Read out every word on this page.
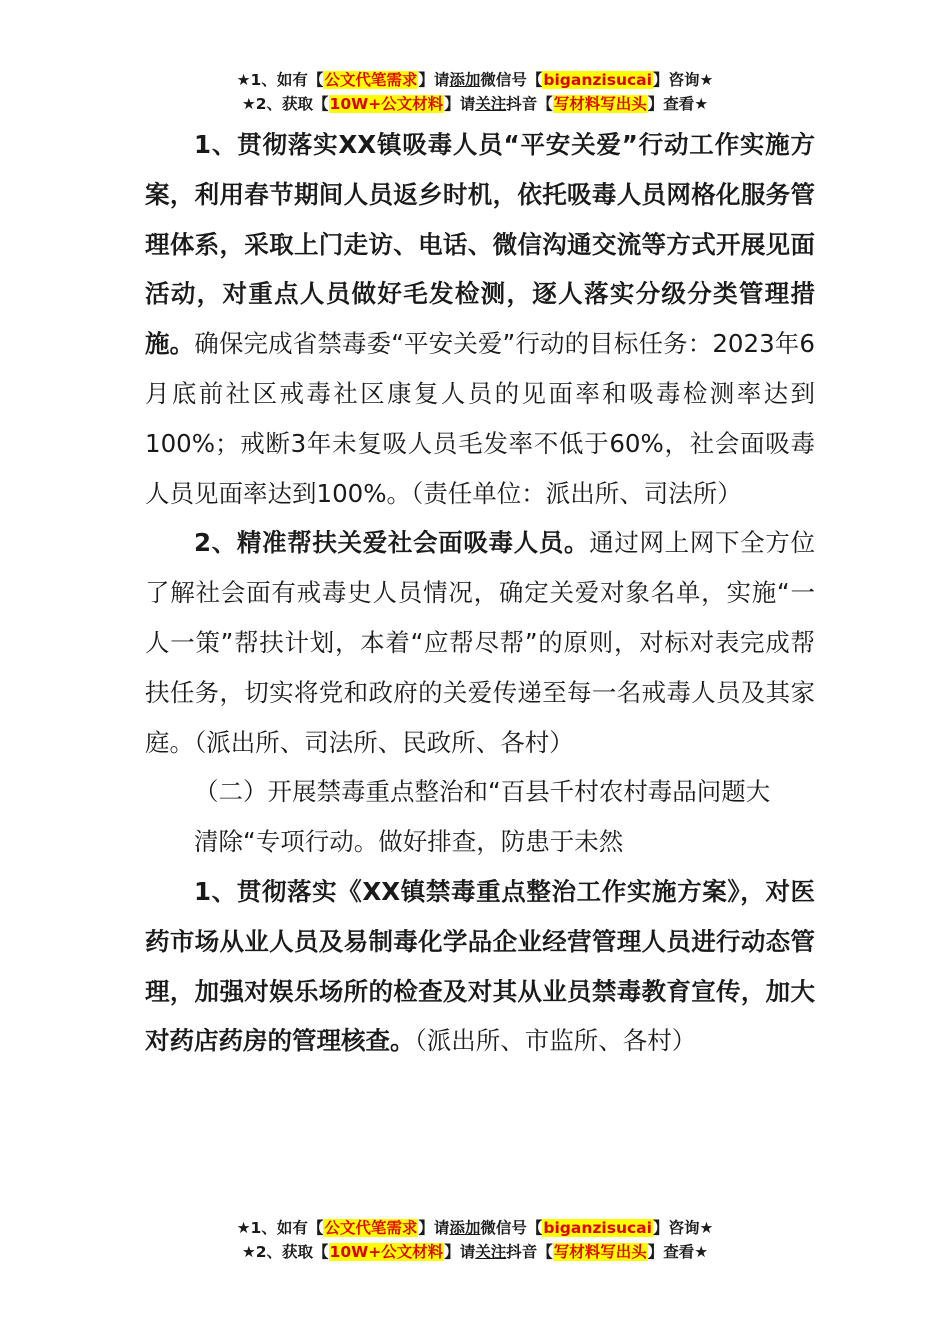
★1、如有【公文代笔需求】请添加微信号【biganzisucai】咨询★
★2、获取【10W+公文材料】请关注抖音【写材料写出头】查看★

1、贯彻落实XX镇吸毒人员“平安关爱”行动工作实施方案，利用春节期间人员返乡时机，依托吸毒人员网格化服务管理体系，采取上门走访、电话、微信沟通交流等方式开展见面活动，对重点人员做好毛发检测，逐人落实分级分类管理措施。确保完成省禁毒委“平安关爱”行动的目标任务：2023年6月底前社区戒毒社区康复人员的见面率和吸毒检测率达到100%；戒断3年未复吸人员毛发率不低于60%，社会面吸毒人员见面率达到100%。（责任单位：派出所、司法所）

2、精准帮扶关爱社会面吸毒人员。通过网上网下全方位了解社会面有戒毒史人员情况，确定关爱对象名单，实施“一人一策”帮扶计划，本着“应帮尽帮”的原则，对标对表完成帮扶任务，切实将党和政府的关爱传递至每一名戒毒人员及其家庭。（派出所、司法所、民政所、各村）

（二）开展禁毒重点整治和“百县千村农村毒品问题大清除“专项行动。做好排查，防患于未然

1、贯彻落实《XX镇禁毒重点整治工作实施方案》，对医药市场从业人员及易制毒化学品企业经营管理人员进行动态管理，加强对娱乐场所的检查及对其从业员禁毒教育宣传，加大对药店药房的管理核查。（派出所、市监所、各村）

★1、如有【公文代笔需求】请添加微信号【biganzisucai】咨询★
★2、获取【10W+公文材料】请关注抖音【写材料写出头】查看★
